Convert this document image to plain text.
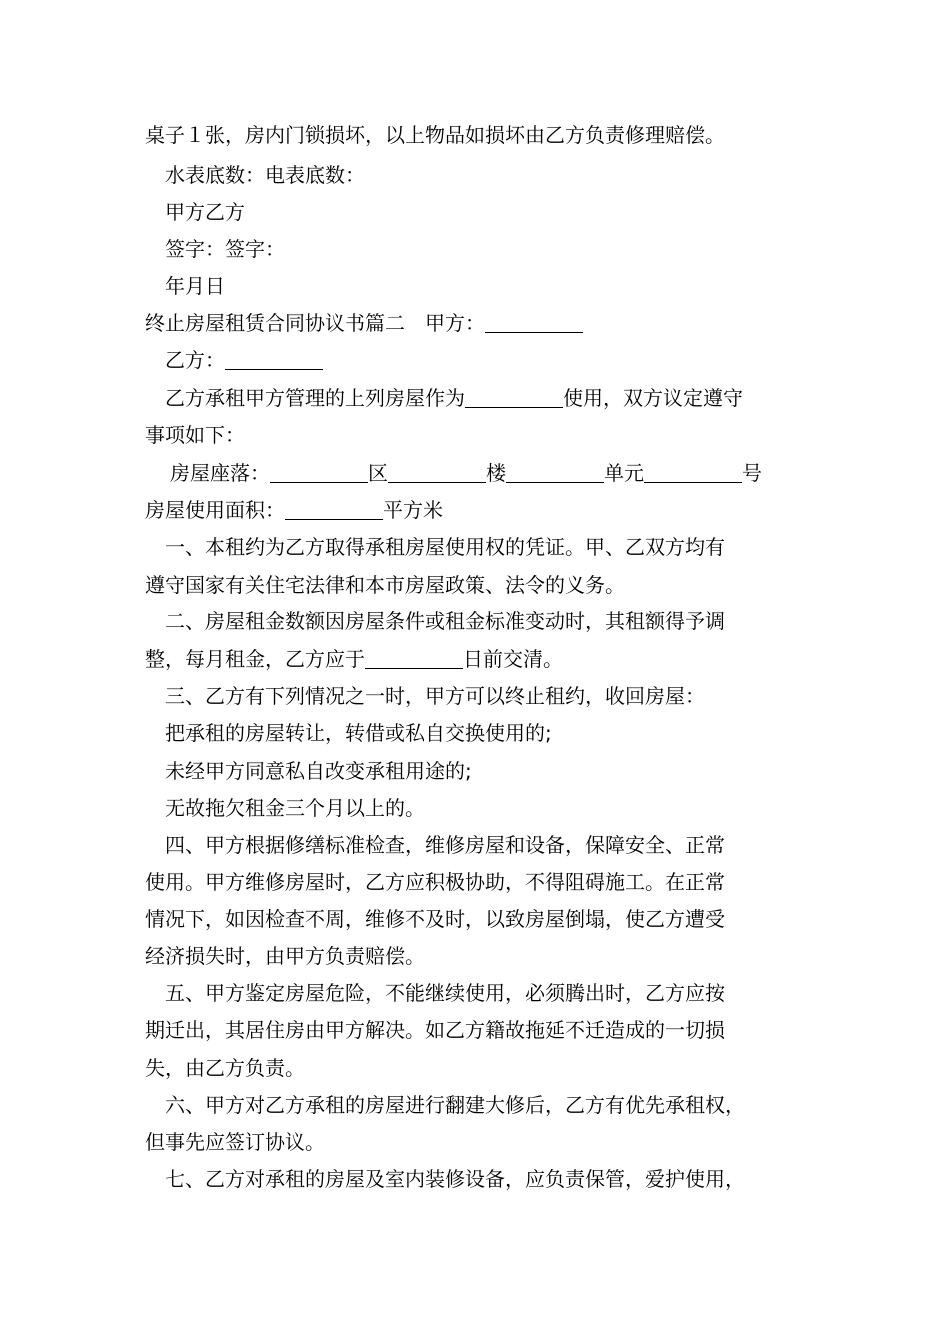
桌子１张，房内门锁损坏，以上物品如损坏由乙方负责修理赔偿。
水表底数：电表底数：
甲方乙方
签字：签字：
年月日
终止房屋租赁合同协议书篇二 甲方：
乙方：
乙方承租甲方管理的上列房屋作为	使用，双方议定遵守
事项如下：
房屋座落：	区	楼	单元	号
房屋使用面积：	平方米
一、本租约为乙方取得承租房屋使用权的凭证。甲、乙双方均有
遵守国家有关住宅法律和本市房屋政策、法令的义务。
二、房屋租金数额因房屋条件或租金标准变动时，其租额得予调
整，每月租金，乙方应于	日前交清。
三、乙方有下列情况之一时，甲方可以终止租约，收回房屋：
把承租的房屋转让，转借或私自交换使用的;
未经甲方同意私自改变承租用途的;
无故拖欠租金三个月以上的。
四、甲方根据修缮标准检查，维修房屋和设备，保障安全、正常
使用。甲方维修房屋时，乙方应积极协助，不得阻碍施工。在正常
情况下，如因检查不周，维修不及时，以致房屋倒塌，使乙方遭受
经济损失时，由甲方负责赔偿。
五、甲方鉴定房屋危险，不能继续使用，必须腾出时，乙方应按
期迁出，其居住房由甲方解决。如乙方籍故拖延不迁造成的一切损
失，由乙方负责。
六、甲方对乙方承租的房屋进行翻建大修后，乙方有优先承租权，
但事先应签订协议。
七、乙方对承租的房屋及室内装修设备，应负责保管，爱护使用，
